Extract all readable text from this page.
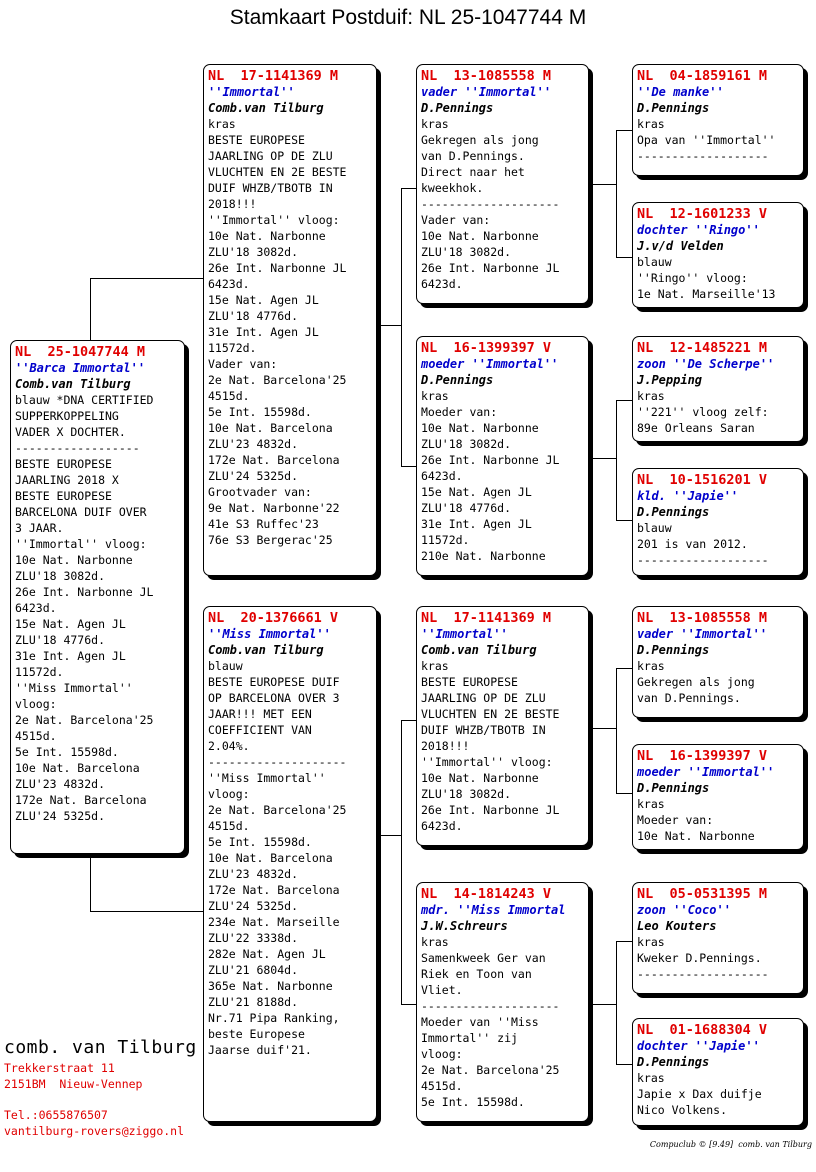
Stamkaart Postduif: NL 25-1047744 M
NL  25-1047744 M
''Barca Immortal''
Comb.van Tilburg
blauw *DNA CERTIFIED
SUPPERKOPPELING
VADER X DOCHTER.
------------------
BESTE EUROPESE
JAARLING 2018 X
BESTE EUROPESE
BARCELONA DUIF OVER
3 JAAR.
''Immortal'' vloog:
10e Nat. Narbonne
ZLU'18 3082d.
26e Int. Narbonne JL
6423d.
15e Nat. Agen JL
ZLU'18 4776d.
31e Int. Agen JL
11572d.
''Miss Immortal''
vloog:
2e Nat. Barcelona'25
4515d.
5e Int. 15598d.
10e Nat. Barcelona
ZLU'23 4832d.
172e Nat. Barcelona
ZLU'24 5325d.
NL  17-1141369 M
''Immortal''
Comb.van Tilburg
kras
BESTE EUROPESE
JAARLING OP DE ZLU
VLUCHTEN EN 2E BESTE
DUIF WHZB/TBOTB IN
2018!!!
''Immortal'' vloog:
10e Nat. Narbonne
ZLU'18 3082d.
26e Int. Narbonne JL
6423d.
15e Nat. Agen JL
ZLU'18 4776d.
31e Int. Agen JL
11572d.
Vader van:
2e Nat. Barcelona'25
4515d.
5e Int. 15598d.
10e Nat. Barcelona
ZLU'23 4832d.
172e Nat. Barcelona
ZLU'24 5325d.
Grootvader van:
9e Nat. Narbonne'22
41e S3 Ruffec'23
76e S3 Bergerac'25
NL  20-1376661 V
''Miss Immortal''
Comb.van Tilburg
blauw
BESTE EUROPESE DUIF
OP BARCELONA OVER 3
JAAR!!! MET EEN
COEFFICIENT VAN
2.04%.
--------------------
''Miss Immortal''
vloog:
2e Nat. Barcelona'25
4515d.
5e Int. 15598d.
10e Nat. Barcelona
ZLU'23 4832d.
172e Nat. Barcelona
ZLU'24 5325d.
234e Nat. Marseille
ZLU'22 3338d.
282e Nat. Agen JL
ZLU'21 6804d.
365e Nat. Narbonne
ZLU'21 8188d.
Nr.71 Pipa Ranking,
beste Europese
Jaarse duif'21.
NL  13-1085558 M
vader ''Immortal''
D.Pennings
kras
Gekregen als jong
van D.Pennings.
Direct naar het
kweekhok.
--------------------
Vader van:
10e Nat. Narbonne
ZLU'18 3082d.
26e Int. Narbonne JL
6423d.
NL  16-1399397 V
moeder ''Immortal''
D.Pennings
kras
Moeder van:
10e Nat. Narbonne
ZLU'18 3082d.
26e Int. Narbonne JL
6423d.
15e Nat. Agen JL
ZLU'18 4776d.
31e Int. Agen JL
11572d.
210e Nat. Narbonne
NL  17-1141369 M
''Immortal''
Comb.van Tilburg
kras
BESTE EUROPESE
JAARLING OP DE ZLU
VLUCHTEN EN 2E BESTE
DUIF WHZB/TBOTB IN
2018!!!
''Immortal'' vloog:
10e Nat. Narbonne
ZLU'18 3082d.
26e Int. Narbonne JL
6423d.
NL  14-1814243 V
mdr. ''Miss Immortal
J.W.Schreurs
kras
Samenkweek Ger van
Riek en Toon van
Vliet.
--------------------
Moeder van ''Miss
Immortal'' zij
vloog:
2e Nat. Barcelona'25
4515d.
5e Int. 15598d.
NL  04-1859161 M
''De manke''
D.Pennings
kras
Opa van ''Immortal''
-------------------
NL  12-1601233 V
dochter ''Ringo''
J.v/d Velden
blauw
''Ringo'' vloog:
1e Nat. Marseille'13
NL  12-1485221 M
zoon ''De Scherpe''
J.Pepping
kras
''221'' vloog zelf:
89e Orleans Saran
NL  10-1516201 V
kld. ''Japie''
D.Pennings
blauw
201 is van 2012.
-------------------
NL  13-1085558 M
vader ''Immortal''
D.Pennings
kras
Gekregen als jong
van D.Pennings.
NL  16-1399397 V
moeder ''Immortal''
D.Pennings
kras
Moeder van:
10e Nat. Narbonne
NL  05-0531395 M
zoon ''Coco''
Leo Kouters
kras
Kweker D.Pennings.
-------------------
NL  01-1688304 V
dochter ''Japie''
D.Pennings
kras
Japie x Dax duifje
Nico Volkens.
comb. van Tilburg
Trekkerstraat 11
2151BM  Nieuw-Vennep
Tel.:0655876507
vantilburg-rovers@ziggo.nl
Compuclub © [9.49]  comb. van Tilburg
